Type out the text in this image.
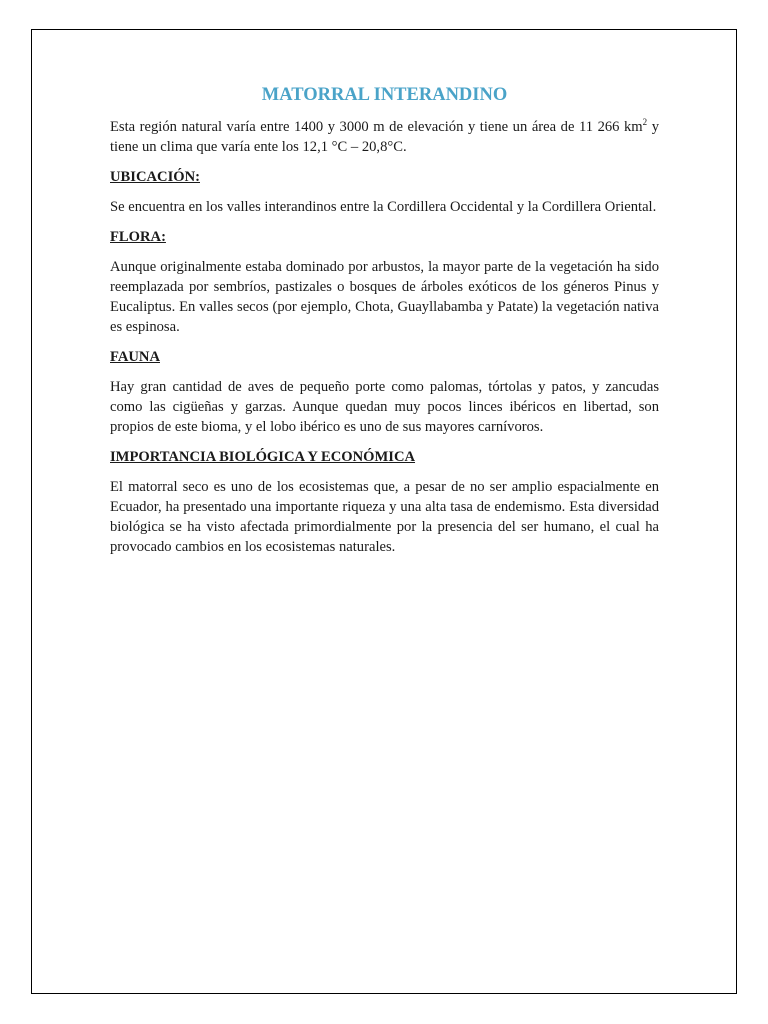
MATORRAL INTERANDINO

Esta región natural varía entre 1400 y 3000 m de elevación y tiene un área de 11 266 $km^2$ y tiene un clima que varía ente los 12,1 °C – 20,8°C.

UBICACIÓN:

Se encuentra en los valles interandinos entre la Cordillera Occidental y la Cordillera Oriental.

FLORA:

Aunque originalmente estaba dominado por arbustos, la mayor parte de la vegetación ha sido reemplazada por sembríos, pastizales o bosques de árboles exóticos de los géneros Pinus y Eucaliptus. En valles secos (por ejemplo, Chota, Guayllabamba y Patate) la vegetación nativa es espinosa.

FAUNA

Hay gran cantidad de aves de pequeño porte como palomas, tórtolas y patos, y zancudas como las cigüeñas y garzas. Aunque quedan muy pocos linces ibéricos en libertad, son propios de este bioma, y el lobo ibérico es uno de sus mayores carnívoros.

IMPORTANCIA BIOLÓGICA Y ECONÓMICA

El matorral seco es uno de los ecosistemas que, a pesar de no ser amplio espacialmente en Ecuador, ha presentado una importante riqueza y una alta tasa de endemismo. Esta diversidad biológica se ha visto afectada primordialmente por la presencia del ser humano, el cual ha provocado cambios en los ecosistemas naturales.
